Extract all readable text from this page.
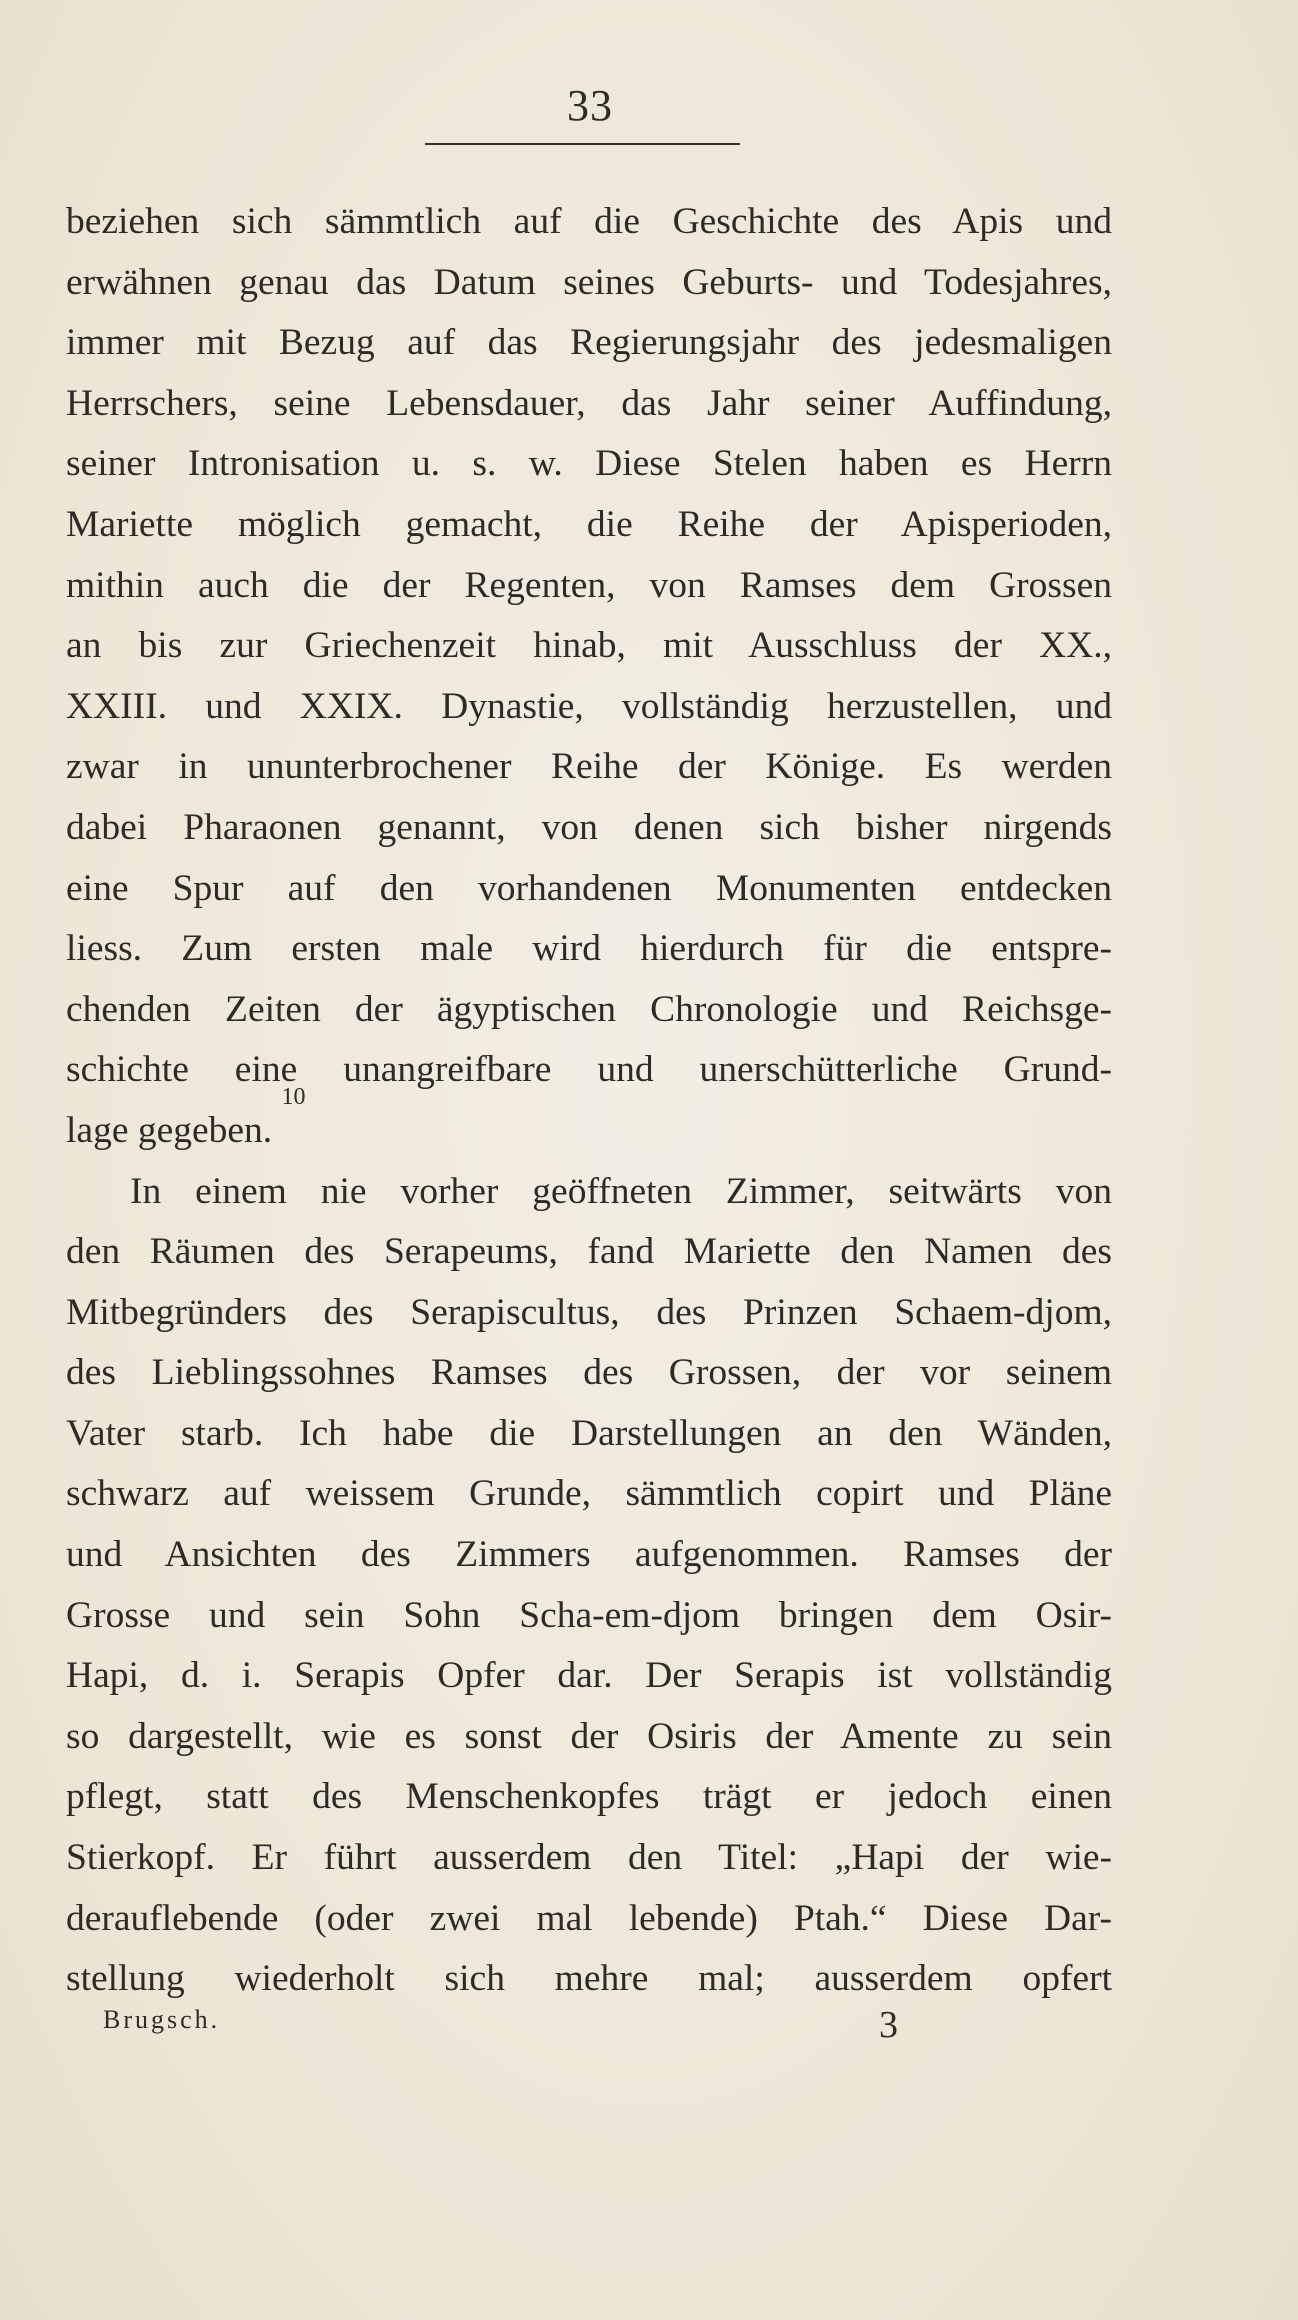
33
beziehen sich sämmtlich auf die Geschichte des Apis und
erwähnen genau das Datum seines Geburts- und Todesjahres,
immer mit Bezug auf das Regierungsjahr des jedesmaligen
Herrschers, seine Lebensdauer, das Jahr seiner Auffindung,
seiner Intronisation u. s. w. Diese Stelen haben es Herrn
Mariette möglich gemacht, die Reihe der Apisperioden,
mithin auch die der Regenten, von Ramses dem Grossen
an bis zur Griechenzeit hinab, mit Ausschluss der XX.,
XXIII. und XXIX. Dynastie, vollständig herzustellen, und
zwar in ununterbrochener Reihe der Könige. Es werden
dabei Pharaonen genannt, von denen sich bisher nirgends
eine Spur auf den vorhandenen Monumenten entdecken
liess. Zum ersten male wird hierdurch für die entspre-
chenden Zeiten der ägyptischen Chronologie und Reichsge-
schichte eine unangreifbare und unerschütterliche Grund-
lage gegeben. $^{10}$
In einem nie vorher geöffneten Zimmer, seitwärts von
den Räumen des Serapeums, fand Mariette den Namen des
Mitbegründers des Serapiscultus, des Prinzen Schaem-djom,
des Lieblingssohnes Ramses des Grossen, der vor seinem
Vater starb. Ich habe die Darstellungen an den Wänden,
schwarz auf weissem Grunde, sämmtlich copirt und Pläne
und Ansichten des Zimmers aufgenommen. Ramses der
Grosse und sein Sohn Scha-em-djom bringen dem Osir-
Hapi, d. i. Serapis Opfer dar. Der Serapis ist vollständig
so dargestellt, wie es sonst der Osiris der Amente zu sein
pflegt, statt des Menschenkopfes trägt er jedoch einen
Stierkopf. Er führt ausserdem den Titel: „Hapi der wie-
derauflebende (oder zwei mal lebende) Ptah.“ Diese Dar-
stellung wiederholt sich mehre mal; ausserdem opfert
Brugsch.	3
